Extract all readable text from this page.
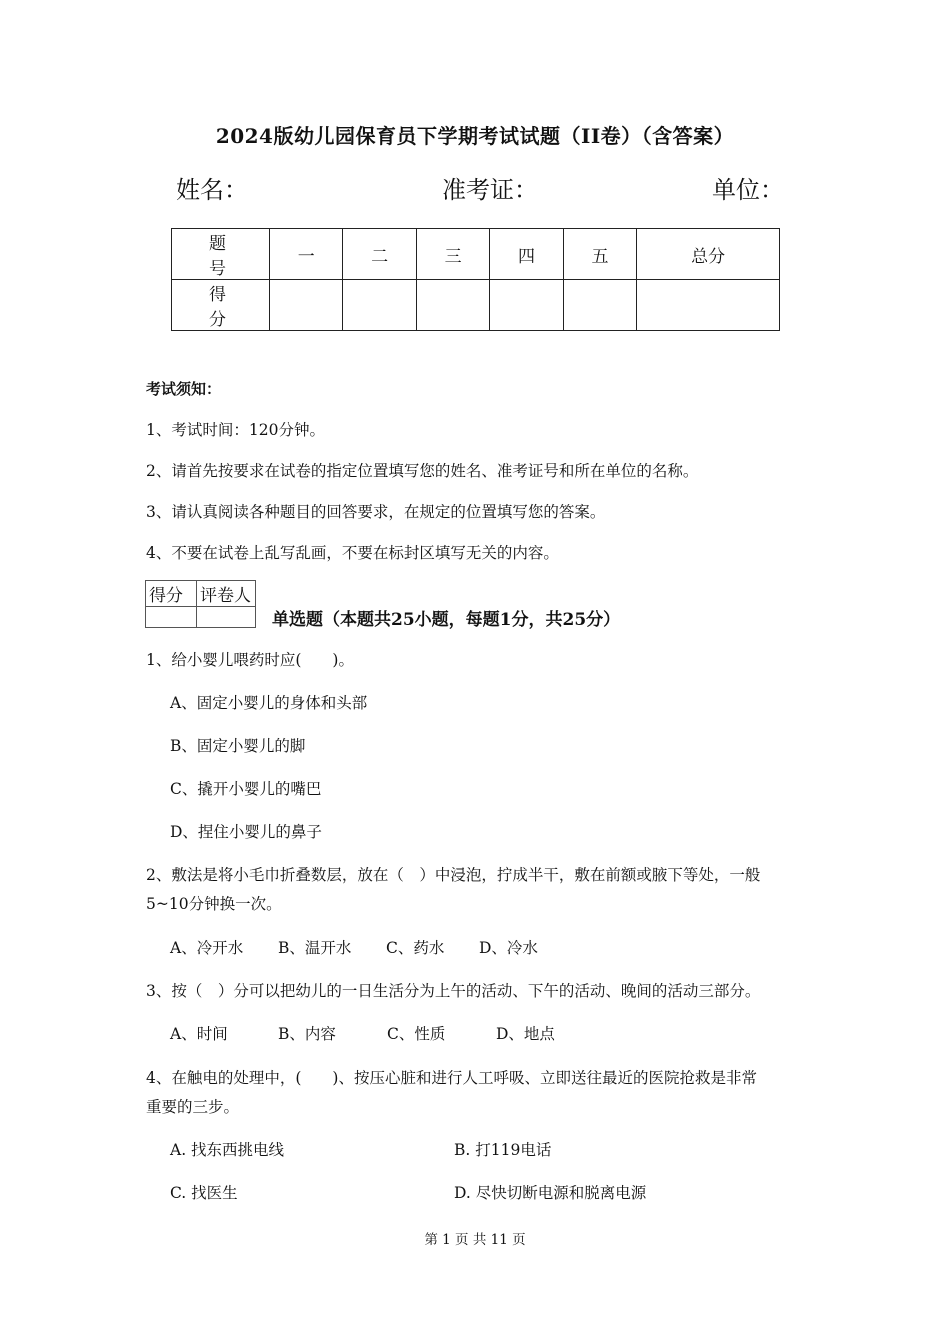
2024版幼儿园保育员下学期考试试题（II卷）（含答案）
姓名：	准考证：	单位：
题 号	一	二	三	四	五	总分
得 分						
考试须知：
1、考试时间：120分钟。
2、请首先按要求在试卷的指定位置填写您的姓名、准考证号和所在单位的名称。
3、请认真阅读各种题目的回答要求，在规定的位置填写您的答案。
4、不要在试卷上乱写乱画，不要在标封区填写无关的内容。
得分	评卷人

单选题（本题共25小题，每题1分，共25分）
1、给小婴儿喂药时应(　　)。
A、固定小婴儿的身体和头部
B、固定小婴儿的脚
C、撬开小婴儿的嘴巴
D、捏住小婴儿的鼻子
2、敷法是将小毛巾折叠数层，放在（　）中浸泡，拧成半干，敷在前额或腋下等处，一般
5~10分钟换一次。
A、冷开水 B、温开水 C、药水 D、冷水
3、按（　）分可以把幼儿的一日生活分为上午的活动、下午的活动、晚间的活动三部分。
A、时间	B、内容	C、性质	D、地点
4、在触电的处理中，(　　)、按压心脏和进行人工呼吸、立即送往最近的医院抢救是非常
重要的三步。
A. 找东西挑电线	B. 打119电话
C. 找医生	D. 尽快切断电源和脱离电源
第 1 页 共 11 页
